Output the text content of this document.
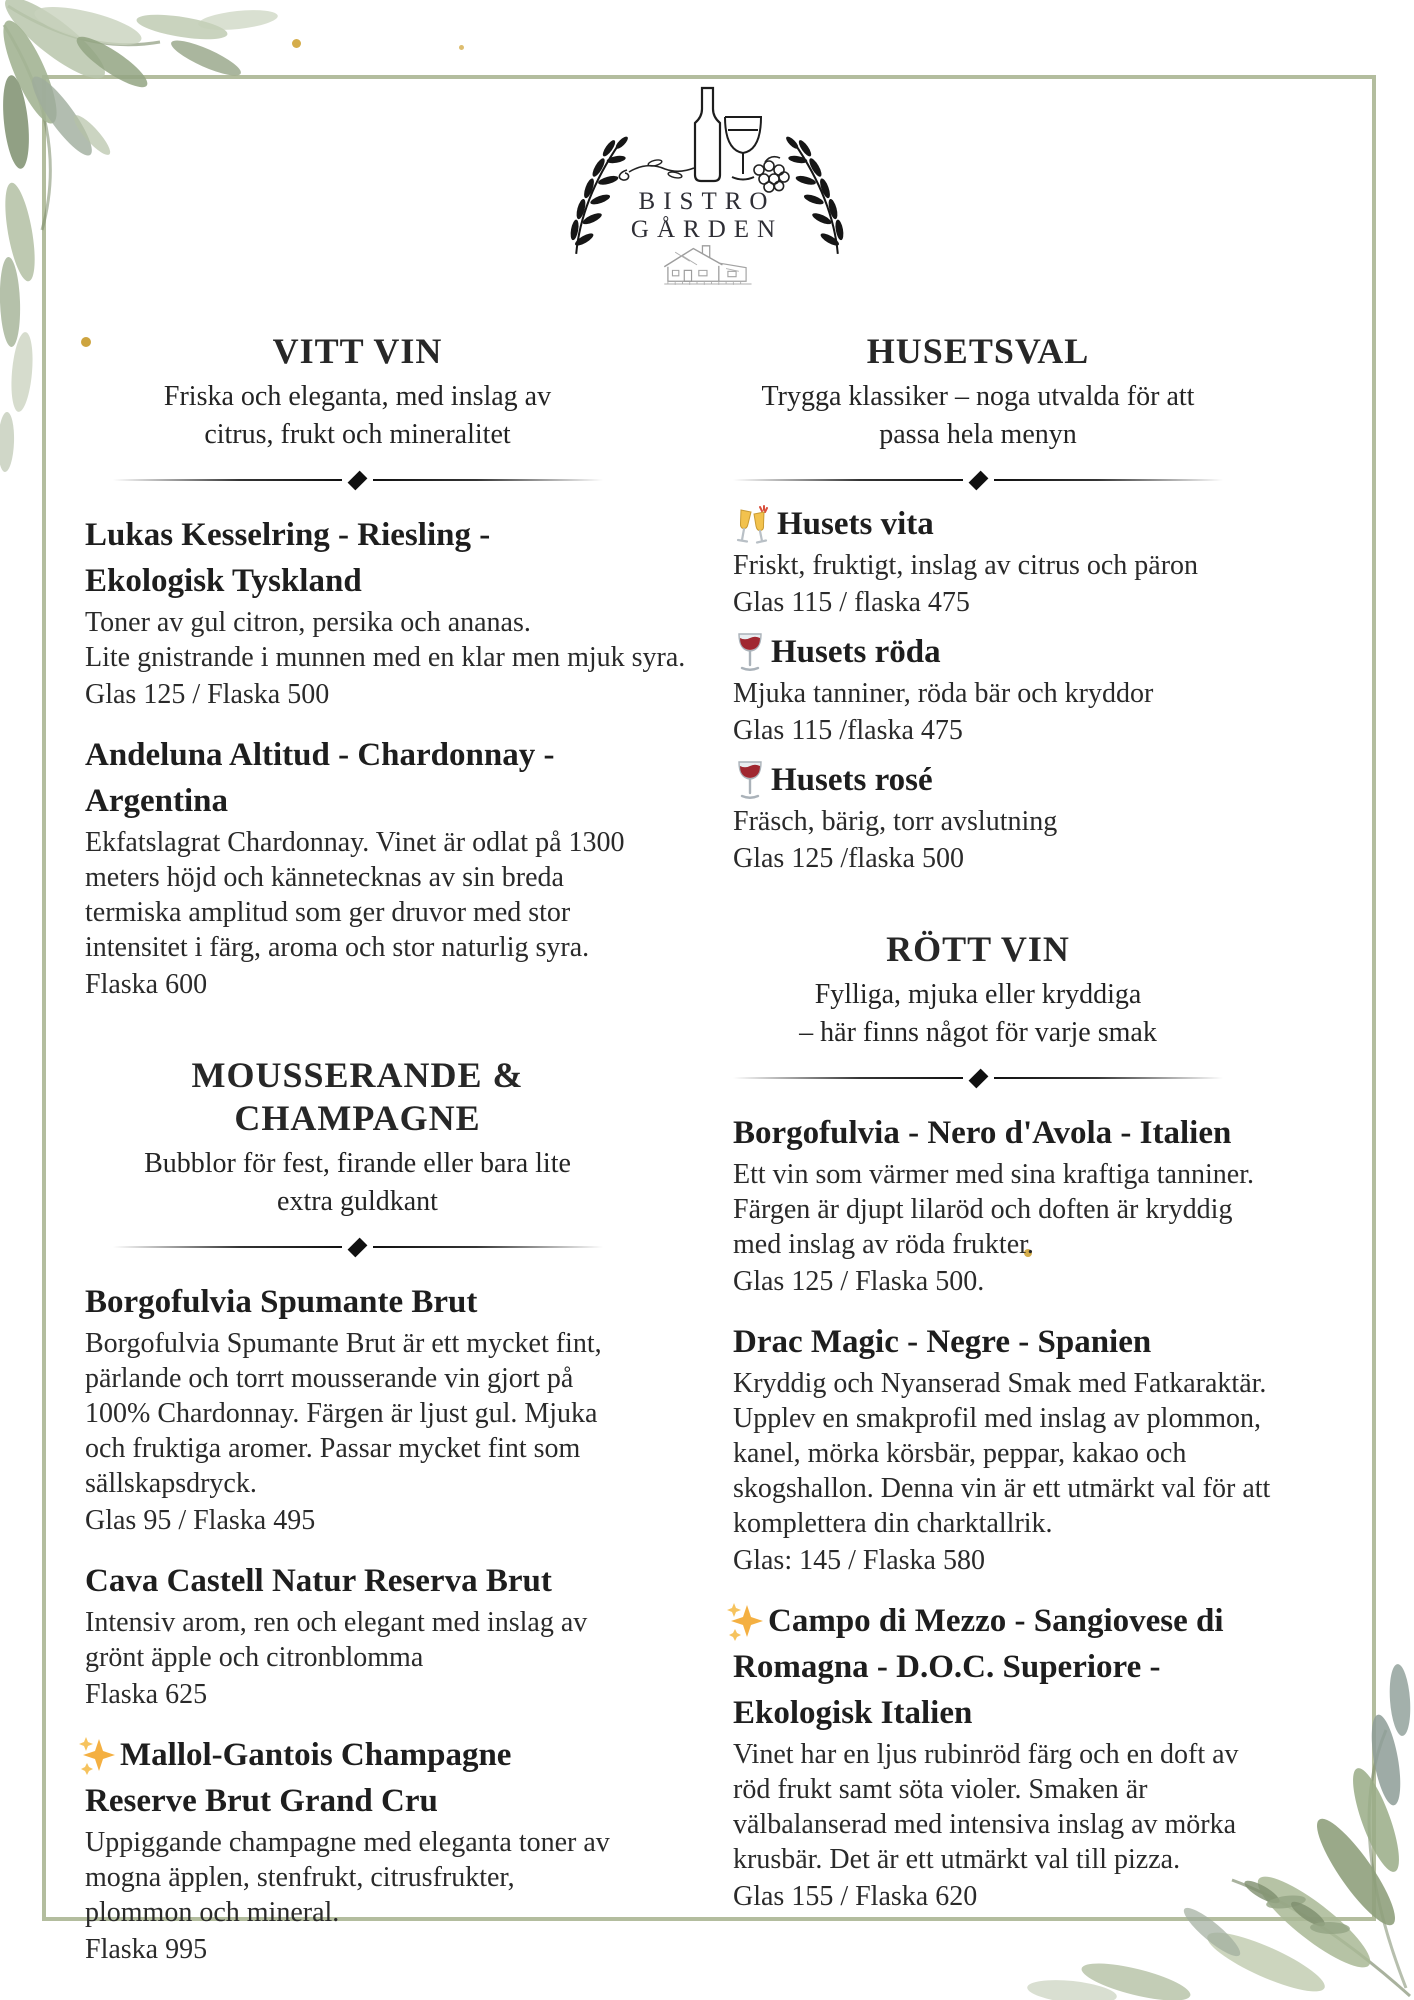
BISTRO
GÅRDEN
VITT VIN
Friska och eleganta, med inslag av
citrus, frukt och mineralitet
Lukas Kesselring - Riesling -
Ekologisk Tyskland
Toner av gul citron, persika och ananas.
Lite gnistrande i munnen med en klar men mjuk syra.
Glas 125 / Flaska 500
Andeluna Altitud - Chardonnay -
Argentina
Ekfatslagrat Chardonnay. Vinet är odlat på 1300
meters höjd och kännetecknas av sin breda
termiska amplitud som ger druvor med stor
intensitet i färg, aroma och stor naturlig syra.
Flaska 600
MOUSSERANDE &
CHAMPAGNE
Bubblor för fest, firande eller bara lite
extra guldkant
Borgofulvia Spumante Brut
Borgofulvia Spumante Brut är ett mycket fint,
pärlande och torrt mousserande vin gjort på
100% Chardonnay. Färgen är ljust gul. Mjuka
och fruktiga aromer. Passar mycket fint som
sällskapsdryck.
Glas 95 / Flaska 495
Cava Castell Natur Reserva Brut
Intensiv arom, ren och elegant med inslag av
grönt äpple och citronblomma
Flaska 625
Mallol-Gantois Champagne
Reserve Brut Grand Cru
Uppiggande champagne med eleganta toner av
mogna äpplen, stenfrukt, citrusfrukter,
plommon och mineral.
Flaska 995
HUSETSVAL
Trygga klassiker – noga utvalda för att
passa hela menyn
Husets vita
Friskt, fruktigt, inslag av citrus och päron
Glas 115 / flaska 475
Husets röda
Mjuka tanniner, röda bär och kryddor
Glas 115 /flaska 475
Husets rosé
Fräsch, bärig, torr avslutning
Glas 125 /flaska 500
RÖTT VIN
Fylliga, mjuka eller kryddiga
– här finns något för varje smak
Borgofulvia - Nero d'Avola - Italien
Ett vin som värmer med sina kraftiga tanniner.
Färgen är djupt lilaröd och doften är kryddig
med inslag av röda frukter.
Glas 125 / Flaska 500.
Drac Magic - Negre - Spanien
Kryddig och Nyanserad Smak med Fatkaraktär.
Upplev en smakprofil med inslag av plommon,
kanel, mörka körsbär, peppar, kakao och
skogshallon. Denna vin är ett utmärkt val för att
komplettera din charktallrik.
Glas: 145 / Flaska 580
Campo di Mezzo - Sangiovese di
Romagna - D.O.C. Superiore -
Ekologisk Italien
Vinet har en ljus rubinröd färg och en doft av
röd frukt samt söta violer. Smaken är
välbalanserad med intensiva inslag av mörka
krusbär. Det är ett utmärkt val till pizza.
Glas 155 / Flaska 620
